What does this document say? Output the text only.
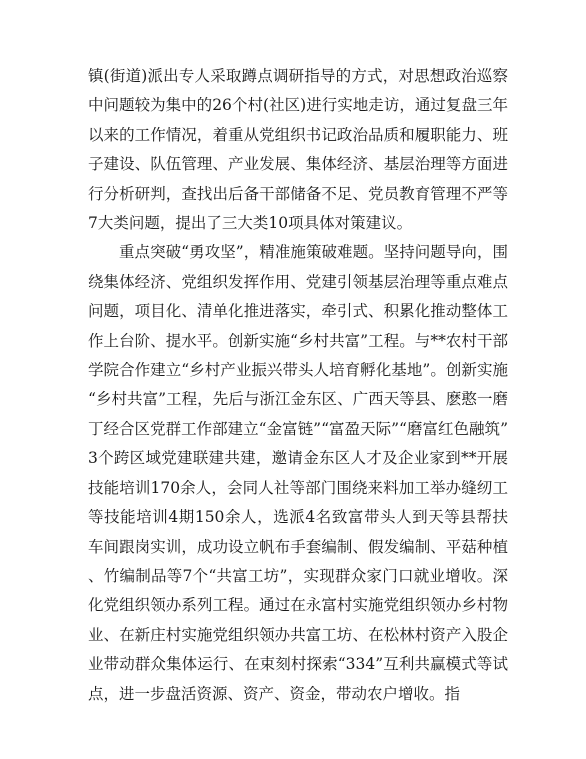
镇(街道)派出专人采取蹲点调研指导的方式，对思想政治巡察中问题较为集中的26个村(社区)进行实地走访，通过复盘三年以来的工作情况，着重从党组织书记政治品质和履职能力、班子建设、队伍管理、产业发展、集体经济、基层治理等方面进行分析研判，查找出后备干部储备不足、党员教育管理不严等7大类问题，提出了三大类10项具体对策建议。

重点突破“勇攻坚”，精准施策破难题。坚持问题导向，围绕集体经济、党组织发挥作用、党建引领基层治理等重点难点问题，项目化、清单化推进落实，牵引式、积累化推动整体工作上台阶、提水平。创新实施“乡村共富”工程。与**农村干部学院合作建立“乡村产业振兴带头人培育孵化基地”。创新实施“乡村共富”工程，先后与浙江金东区、广西天等县、麽憨一磨丁经合区党群工作部建立“金富链”“富盈天际”“磨富红色融筑”3个跨区域党建联建共建，邀请金东区人才及企业家到**开展技能培训170余人，会同人社等部门围绕来料加工举办缝纫工等技能培训4期150余人，选派4名致富带头人到天等县帮扶车间跟岗实训，成功设立帆布手套编制、假发编制、平菇种植、竹编制品等7个“共富工坊”，实现群众家门口就业增收。深化党组织领办系列工程。通过在永富村实施党组织领办乡村物业、在新庄村实施党组织领办共富工坊、在松林村资产入股企业带动群众集体运行、在束刻村探索“334”互利共赢模式等试点，进一步盘活资源、资产、资金，带动农户增收。指
